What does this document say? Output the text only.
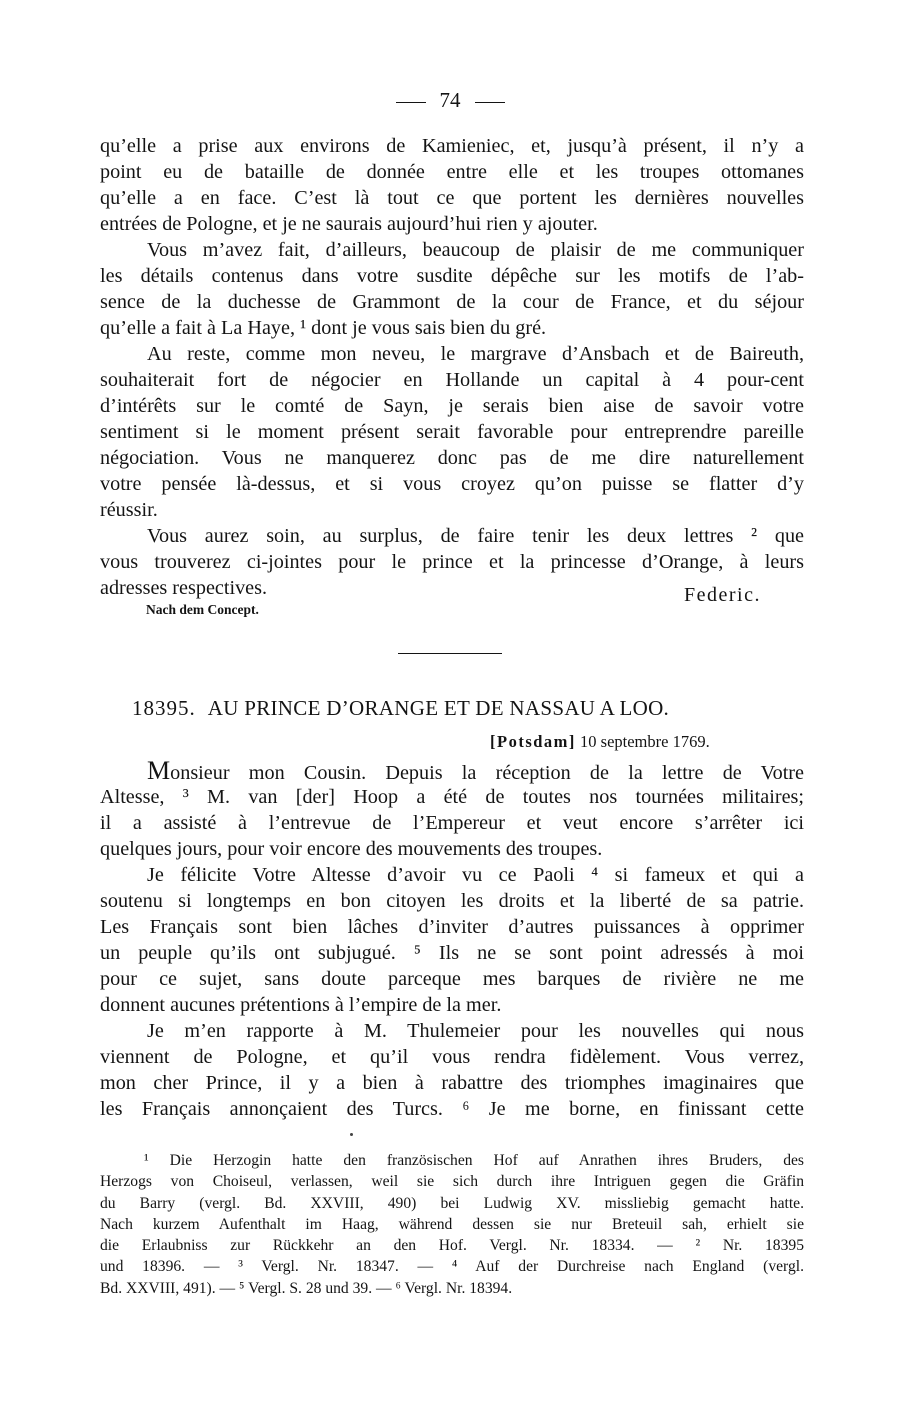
74
qu’elle a prise aux environs de Kamieniec, et, jusqu’à présent, il n’y a
point eu de bataille de donnée entre elle et les troupes ottomanes
qu’elle a en face. C’est là tout ce que portent les dernières nouvelles
entrées de Pologne, et je ne saurais aujourd’hui rien y ajouter.
Vous m’avez fait, d’ailleurs, beaucoup de plaisir de me communiquer
les détails contenus dans votre susdite dépêche sur les motifs de l’ab-
sence de la duchesse de Grammont de la cour de France, et du séjour
qu’elle a fait à La Haye, ¹ dont je vous sais bien du gré.
Au reste, comme mon neveu, le margrave d’Ansbach et de Baireuth,
souhaiterait fort de négocier en Hollande un capital à 4 pour-cent
d’intérêts sur le comté de Sayn, je serais bien aise de savoir votre
sentiment si le moment présent serait favorable pour entreprendre pareille
négociation. Vous ne manquerez donc pas de me dire naturellement
votre pensée là-dessus, et si vous croyez qu’on puisse se flatter d’y
réussir.
Vous aurez soin, au surplus, de faire tenir les deux lettres ² que
vous trouverez ci-jointes pour le prince et la princesse d’Orange, à leurs
adresses respectives.
Nach dem Concept.
Federic.
18395. AU PRINCE D’ORANGE ET DE NASSAU A LOO.
[Potsdam] 10 septembre 1769.
Monsieur mon Cousin. Depuis la réception de la lettre de Votre
Altesse, ³ M. van [der] Hoop a été de toutes nos tournées militaires;
il a assisté à l’entrevue de l’Empereur et veut encore s’arrêter ici
quelques jours, pour voir encore des mouvements des troupes.
Je félicite Votre Altesse d’avoir vu ce Paoli ⁴ si fameux et qui a
soutenu si longtemps en bon citoyen les droits et la liberté de sa patrie.
Les Français sont bien lâches d’inviter d’autres puissances à opprimer
un peuple qu’ils ont subjugué. ⁵ Ils ne se sont point adressés à moi
pour ce sujet, sans doute parceque mes barques de rivière ne me
donnent aucunes prétentions à l’empire de la mer.
Je m’en rapporte à M. Thulemeier pour les nouvelles qui nous
viennent de Pologne, et qu’il vous rendra fidèlement. Vous verrez,
mon cher Prince, il y a bien à rabattre des triomphes imaginaires que
les Français annonçaient des Turcs. ⁶ Je me borne, en finissant cette
¹ Die Herzogin hatte den französischen Hof auf Anrathen ihres Bruders, des
Herzogs von Choiseul, verlassen, weil sie sich durch ihre Intriguen gegen die Gräfin
du Barry (vergl. Bd. XXVIII, 490) bei Ludwig XV. missliebig gemacht hatte.
Nach kurzem Aufenthalt im Haag, während dessen sie nur Breteuil sah, erhielt sie
die Erlaubniss zur Rückkehr an den Hof. Vergl. Nr. 18334. — ² Nr. 18395
und 18396. — ³ Vergl. Nr. 18347. — ⁴ Auf der Durchreise nach England (vergl.
Bd. XXVIII, 491). — ⁵ Vergl. S. 28 und 39. — ⁶ Vergl. Nr. 18394.
